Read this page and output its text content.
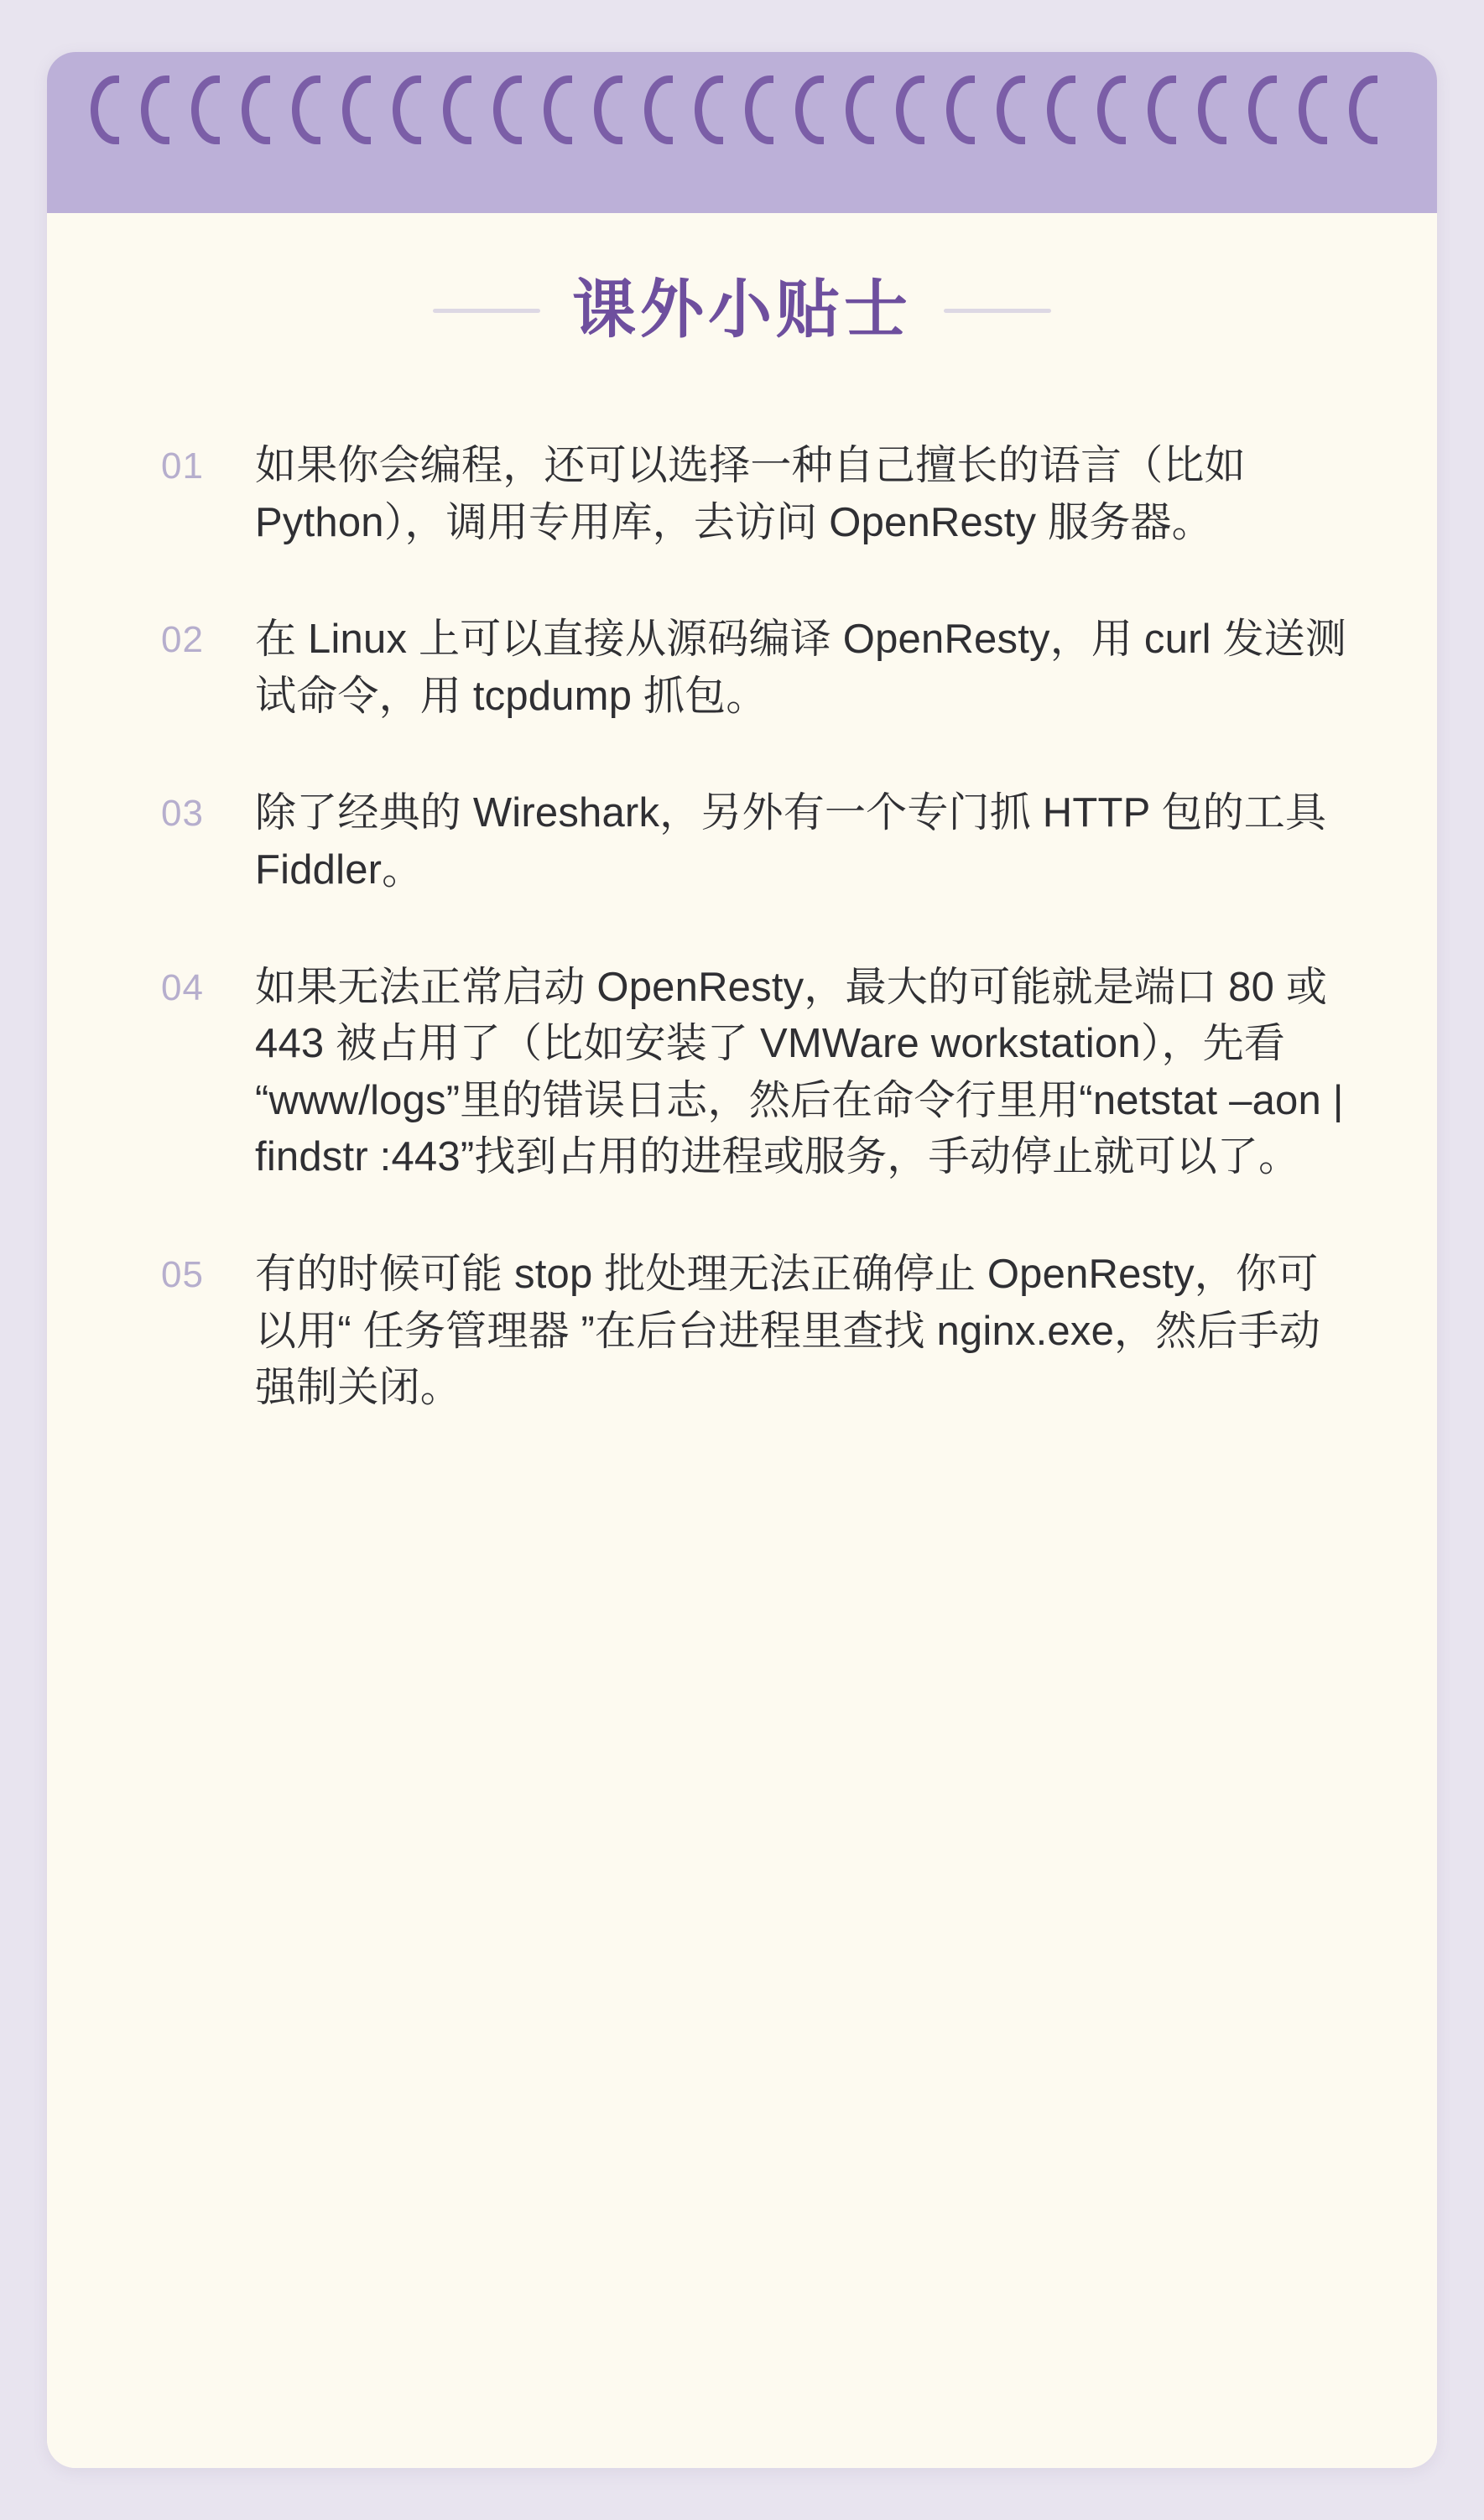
课外小贴士
01	如果你会编程，还可以选择一种自己擅长的语言（比如 Python），调用专用库，去访问 OpenResty 服务器。
02	在 Linux 上可以直接从源码编译 OpenResty，用 curl 发送测试命令，用 tcpdump 抓包。
03	除了经典的 Wireshark，另外有一个专门抓 HTTP 包的工具 Fiddler。
04	如果无法正常启动 OpenResty，最大的可能就是端口 80 或 443 被占用了（比如安装了 VMWare workstation），先看“www/logs”里的错误日志，然后在命令行里用“netstat –aon | findstr :443”找到占用的进程或服务，手动停止就可以了。
05	有的时候可能 stop 批处理无法正确停止 OpenResty，你可以用“ 任务管理器 ”在后台进程里查找 nginx.exe，然后手动强制关闭。
